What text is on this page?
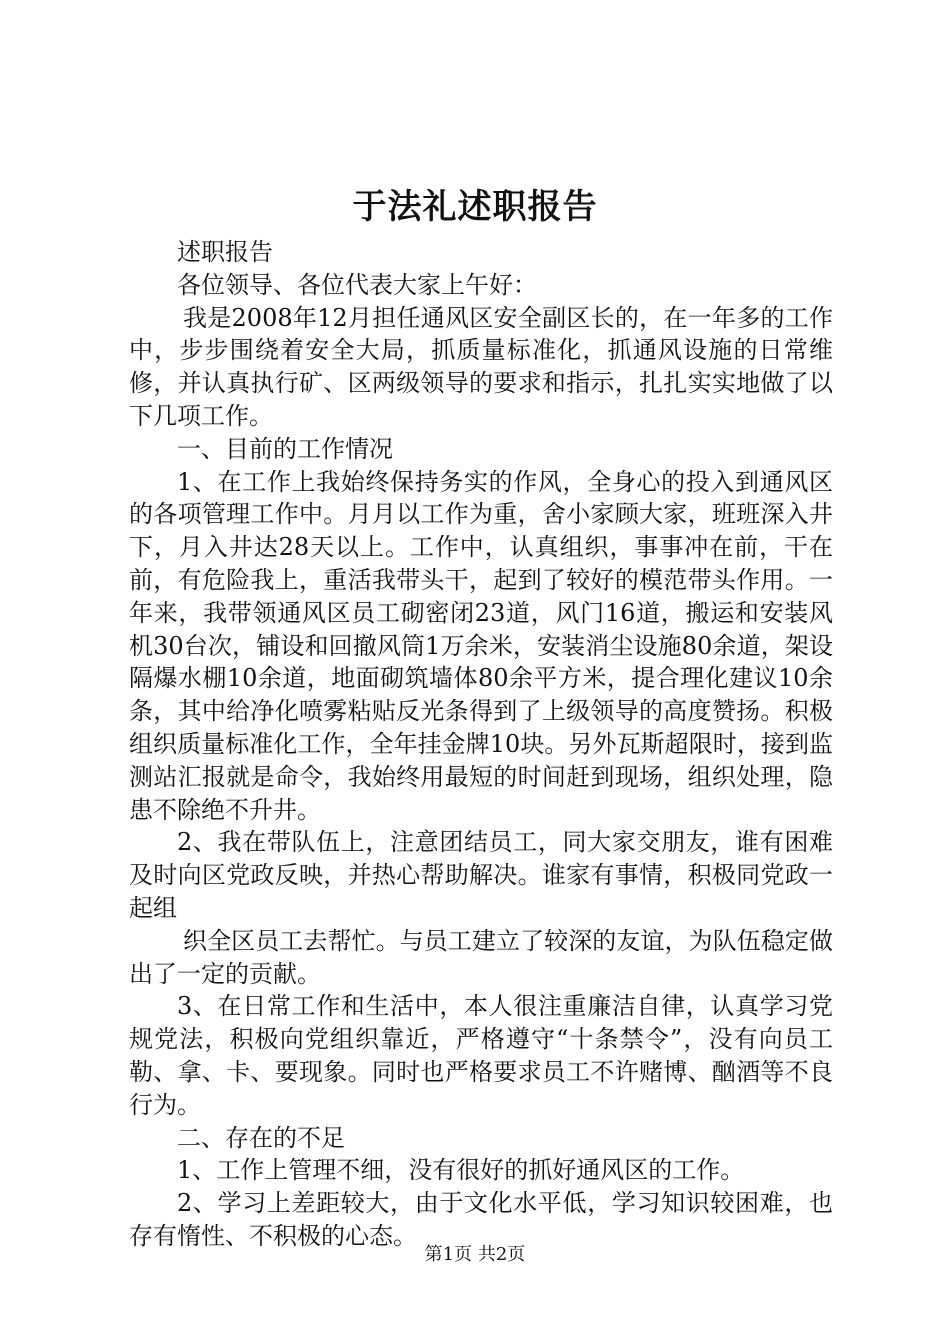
于法礼述职报告

述职报告

各位领导、各位代表大家上午好：

我是2008年12月担任通风区安全副区长的，在一年多的工作中，步步围绕着安全大局，抓质量标准化，抓通风设施的日常维修，并认真执行矿、区两级领导的要求和指示，扎扎实实地做了以下几项工作。

一、目前的工作情况

1、在工作上我始终保持务实的作风，全身心的投入到通风区的各项管理工作中。月月以工作为重，舍小家顾大家，班班深入井下，月入井达28天以上。工作中，认真组织，事事冲在前，干在前，有危险我上，重活我带头干，起到了较好的模范带头作用。一年来，我带领通风区员工砌密闭23道，风门16道，搬运和安装风机30台次，铺设和回撤风筒1万余米，安装消尘设施80余道，架设隔爆水棚10余道，地面砌筑墙体80余平方米，提合理化建议10余条，其中给净化喷雾粘贴反光条得到了上级领导的高度赞扬。积极组织质量标准化工作，全年挂金牌10块。另外瓦斯超限时，接到监测站汇报就是命令，我始终用最短的时间赶到现场，组织处理，隐患不除绝不升井。

2、我在带队伍上，注意团结员工，同大家交朋友，谁有困难及时向区党政反映，并热心帮助解决。谁家有事情，积极同党政一起组

织全区员工去帮忙。与员工建立了较深的友谊，为队伍稳定做出了一定的贡献。

3、在日常工作和生活中，本人很注重廉洁自律，认真学习党规党法，积极向党组织靠近，严格遵守“十条禁令”，没有向员工勒、拿、卡、要现象。同时也严格要求员工不许赌博、酗酒等不良行为。

二、存在的不足

1、工作上管理不细，没有很好的抓好通风区的工作。

2、学习上差距较大，由于文化水平低，学习知识较困难，也存有惰性、不积极的心态。

第1页 共2页
